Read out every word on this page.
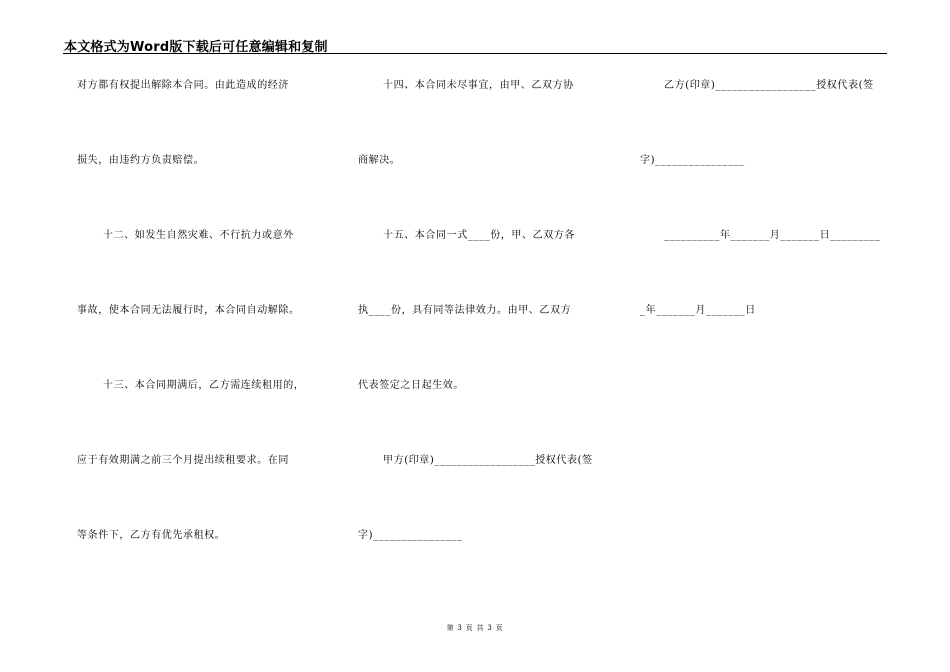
本文格式为Word版下载后可任意编辑和复制
对方都有权提出解除本合同。由此造成的经济
损失，由违约方负责赔偿。
十二、如发生自然灾难、不行抗力或意外
事故，使本合同无法履行时，本合同自动解除。
十三、本合同期满后，乙方需连续租用的，
应于有效期满之前三个月提出续租要求。在同
等条件下，乙方有优先承租权。
十四、本合同未尽事宜，由甲、乙双方协
商解决。
十五、本合同一式____份，甲、乙双方各
执____份，具有同等法律效力。由甲、乙双方
代表签定之日起生效。
甲方(印章)__________________授权代表(签
字)________________
乙方(印章)__________________授权代表(签
字)________________
__________年_______月_______日_________
_年_______月_______日
第 3 页 共 3 页
